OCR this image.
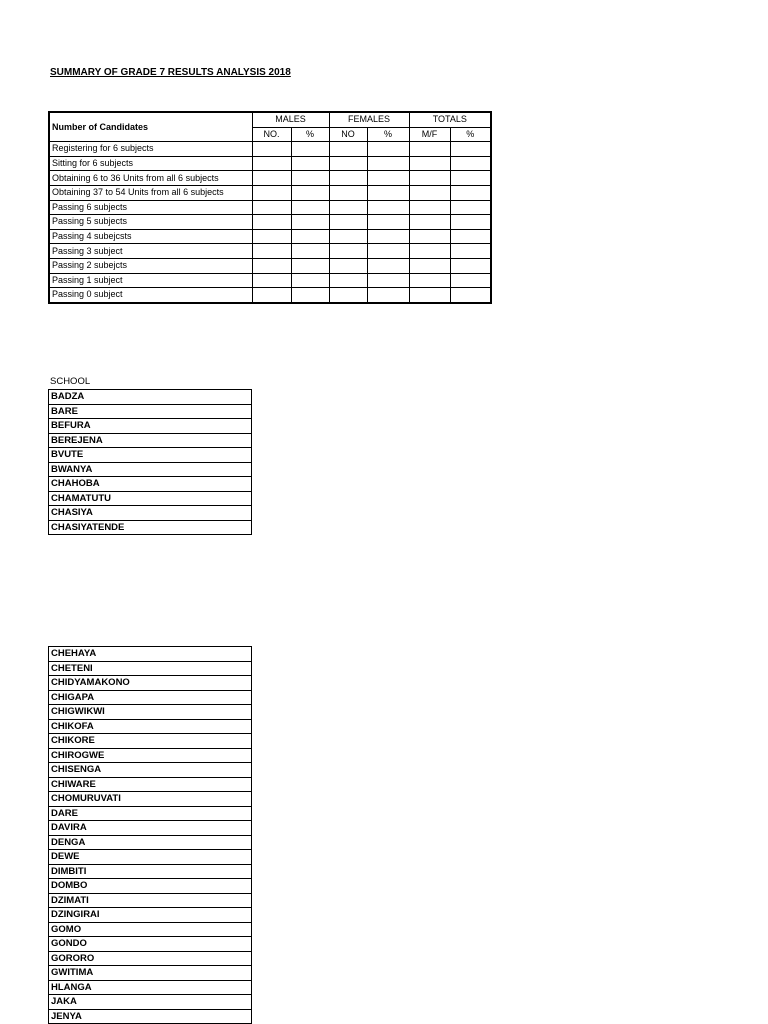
SUMMARY OF GRADE 7 RESULTS ANALYSIS 2018
Number of Candidates	MALES		FEMALES		TOTALS	
	NO.	%	NO	%	M/F	%
Registering for 6 subjects						
Sitting for 6 subjects						
Obtaining 6 to 36 Units from all 6 subjects						
Obtaining 37 to 54 Units from all 6 subjects						
Passing 6 subjects						
Passing 5 subjects						
Passing 4 subejcsts						
Passing 3 subject						
Passing 2 subejcts						
Passing 1 subject						
Passing 0 subject						
SCHOOL
BADZA
BARE
BEFURA
BEREJENA
BVUTE
BWANYA
CHAHOBA
CHAMATUTU
CHASIYA
CHASIYATENDE
CHEHAYA
CHETENI
CHIDYAMAKONO
CHIGAPA
CHIGWIKWI
CHIKOFA
CHIKORE
CHIROGWE
CHISENGA
CHIWARE
CHOMURUVATI
DARE
DAVIRA
DENGA
DEWE
DIMBITI
DOMBO
DZIMATI
DZINGIRAI
GOMO
GONDO
GORORO
GWITIMA
HLANGA
JAKA
JENYA
